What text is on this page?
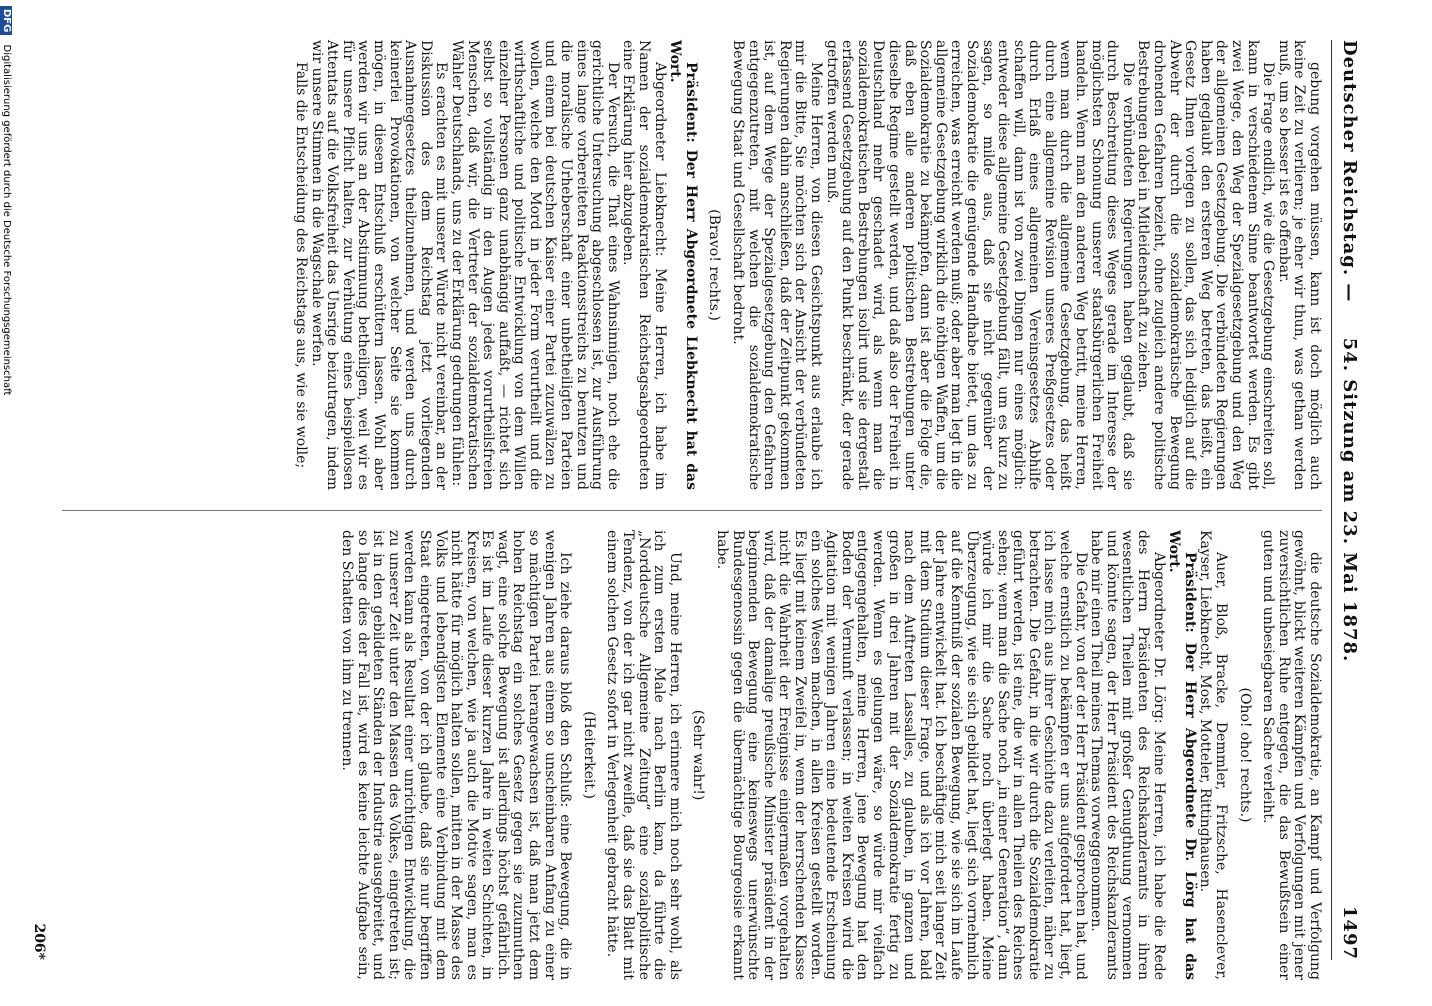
Deutscher Reichstag. —
54. Sitzung am 23. Mai 1878.
1497

gebung vorgehen müssen, kann ist doch möglich auch keine Zeit zu verlieren; je eher wir thun, was gethan werden muß, um so besser ist es offenbar.

Die Frage endlich, wie die Gesetzgebung einschreiten soll, kann in verschiedenem Sinne beantwortet werden. Es gibt zwei Wege, den Weg der Spezialgesetzgebung und den Weg der allgemeinen Gesetzgebung. Die verbündeten Regierungen haben geglaubt den ersteren Weg betreten, das heißt, ein Gesetz Ihnen vorlegen zu sollen, das sich lediglich auf die Abwehr der durch die sozialdemokratische Bewegung drohenden Gefahren bezieht, ohne zugleich andere politische Bestrebungen dabei in Mitleidenschaft zu ziehen.

Die verbündeten Regierungen haben geglaubt, daß sie durch Beschreitung dieses Weges gerade im Interesse der möglichsten Schonung unserer staatsbürgerlichen Freiheit handeln. Wenn man den anderen Weg betritt, meine Herren, wenn man durch die allgemeine Gesetzgebung, das heißt durch eine allgemeine Revision unseres Preßgesetzes oder durch Erlaß eines allgemeinen Vereinsgesetzes Abhilfe schaffen will, dann ist von zwei Dingen nur eines möglich: entweder diese allgemeine Gesetzgebung fällt, um es kurz zu sagen, so milde aus, daß sie nicht gegenüber der Sozialdemokratie die genügende Handhabe bietet, um das zu erreichen, was erreicht werden muß; oder aber man legt in die allgemeine Gesetzgebung wirklich die nöthigen Waffen, um die Sozialdemokratie zu bekämpfen, dann ist aber die Folge die, daß eben alle anderen politischen Bestrebungen unter dieselbe Regime gestellt werden, und daß also der Freiheit in Deutschland mehr geschadet wird, als wenn man die sozialdemokratischen Bestrebungen isolirt und sie dergestalt erfassend Gesetzgebung auf den Punkt beschränkt, der gerade getroffen werden muß.

Meine Herren, von diesen Gesichtspunkt aus erlaube ich mir die Bitte, Sie möchten sich der Ansicht der verbündeten Regierungen dahin anschließen, daß der Zeitpunkt gekommen ist, auf dem Wege der Spezialgesetzgebung den Gefahren entgegenzutreten, mit welchen die sozialdemokratische Bewegung Staat und Gesellschaft bedroht.

(Bravo! rechts.)

Präsident: Der Herr Abgeordnete Liebknecht hat das Wort.

Abgeordneter Liebknecht: Meine Herren, ich habe im Namen der sozialdemokratischen Reichstagsabgeordneten eine Erklärung hier abzugeben.

Der Versuch, die That eines Wahnsinnigen, noch ehe die gerichtliche Untersuchung abgeschlossen ist, zur Ausführung eines lange vorbereiteten Reaktionsstreichs zu benutzen und die moralische Urheberschaft einer unbetheiligten Parteien und einem bei deutschen Kaiser einer Partei zuzuwälzen zu wollen, welche den Mord in jeder Form verurtheilt und die wirthschaftliche und politische Entwicklung von dem Willen einzelner Personen ganz unabhängig auffaßt, — richtet sich selbst so vollständig in den Augen jedes vorurtheilsfreien Menschen, daß wir, die Vertreter der sozialdemokratischen Wähler Deutschlands, uns zu der Erklärung gedrungen fühlen:

Es erachten es mit unserer Würde nicht vereinbar, an der Diskussion des dem Reichstag jetzt vorliegenden Ausnahmegesetzes theilzunehmen, und werden uns durch keinerlei Provokationen, von welcher Seite sie kommen mögen, in diesem Entschluß erschüttern lassen. Wohl aber werden wir uns an der Abstimmung betheiligen, weil wir es für unsere Pflicht halten, zur Verhütung eines beispiellosen Attentats auf die Volksfreiheit das Unsrige beizutragen, indem wir unsere Stimmen in die Wagschale werfen.

Falls die Entscheidung des Reichstags aus, wie sie wolle;

die deutsche Sozialdemokratie, an Kampf und Verfolgung gewöhnt, blickt weiteren Kämpfen und Verfolgungen mit jener zuversichtlichen Ruhe entgegen, die das Bewußtsein einer guten und unbesiegbaren Sache verleiht.

(Oho! oho! rechts.)

Auer, Bloß, Bracke, Demmler, Fritzsche, Hasenclever, Kayser, Liebknecht, Most, Motteler, Rittinghausen.

Präsident: Der Herr Abgeordnete Dr. Lörg hat das Wort.

Abgeordneter Dr. Lörg: Meine Herren, ich habe die Rede des Herrn Präsidenten des Reichskanzleramts in ihren wesentlichen Theilen mit großer Genugthuung vernommen und könnte sagen, der Herr Präsident des Reichskanzleramts habe mir einen Theil meines Themas vorweggenommen.

Die Gefahr, von der der Herr Präsident gesprochen hat, und welche ernstlich zu bekämpfen er uns aufgefordert hat, liegt, ich lasse mich aus ihrer Geschichte dazu verleiten, näher zu betrachten. Die Gefahr, in die wir durch die Sozialdemokratie geführt werden, ist eine, die wir in allen Theilen des Reiches sehen; wenn man die Sache noch „in einer Generation“, dann würde ich mir die Sache noch überlegt haben. Meine Überzeugung, wie sie sich gebildet hat, liegt sich vornehmlich auf die Kenntniß der sozialen Bewegung, wie sie sich im Laufe der Jahre entwickelt hat. Ich beschäftige mich seit langer Zeit mit dem Studium dieser Frage, und als ich vor Jahren, bald nach dem Auftreten Lassalles, zu glauben, in ganzen und großen in drei Jahren mit der Sozialdemokratie fertig zu werden. Wenn es gelungen wäre, so würde mir vielfach entgegengehalten, meine Herren, jene Bewegung hat den Boden der Vernunft verlassen; in weiten Kreisen wird die Agitation mit wenigen Jahren eine bedeutende Erscheinung ein solches Wesen machen, in allen Kreisen gestellt worden. Es liegt mit keinem Zweifel in, wenn der herrschenden Klasse nicht die Wahrheit der Ereignisse einigermaßen vorgehalten wird, daß der damalige preußische Minister präsident in der beginnenden Bewegung eine keineswegs unerwünschte Bundesgenossin gegen die übermächtige Bourgeoisie erkannt habe.

(Sehr wahr!)

Und, meine Herren, ich erinnere mich noch sehr wohl, als ich zum ersten Male nach Berlin kam, da führte die „Norddeutsche Allgemeine Zeitung“ eine sozialpolitische Tendenz, von der ich gar nicht zweifle, daß sie das Blatt mit einem solchen Gesetz sofort in Verlegenheit gebracht hätte.

(Heiterkeit.)

Ich ziehe daraus bloß den Schluß: eine Bewegung, die in wenigen Jahren aus einem so unscheinbaren Anfang zu einer so mächtigen Partei herangewachsen ist, daß man jetzt dem hohen Reichstag ein solches Gesetz gegen sie zuzumuthen wagt, eine solche Bewegung ist allerdings höchst gefährlich. Es ist im Laufe dieser kurzen Jahre in weiten Schichten, in Kreisen, von welchen, wie ja auch die Motive sagen, man es nicht hätte für möglich halten sollen, mitten in der Masse des Volks und lebendigsten Elemente eine Verbindung mit dem Staat eingetreten, von der ich glaube, daß sie nur begriffen werden kann als Resultat einer unrichtigen Entwicklung, die zu unserer Zeit unter den Massen des Volkes, eingetreten ist; ist in den gebildeten Ständen der Industrie ausgebreitet, und so lange dies der Fall ist, wird es keine leichte Aufgabe sein, den Schatten von ihm zu trennen.

206*
DFG Digitalisierung gefördert durch die Deutsche Forschungsgemeinschaft
